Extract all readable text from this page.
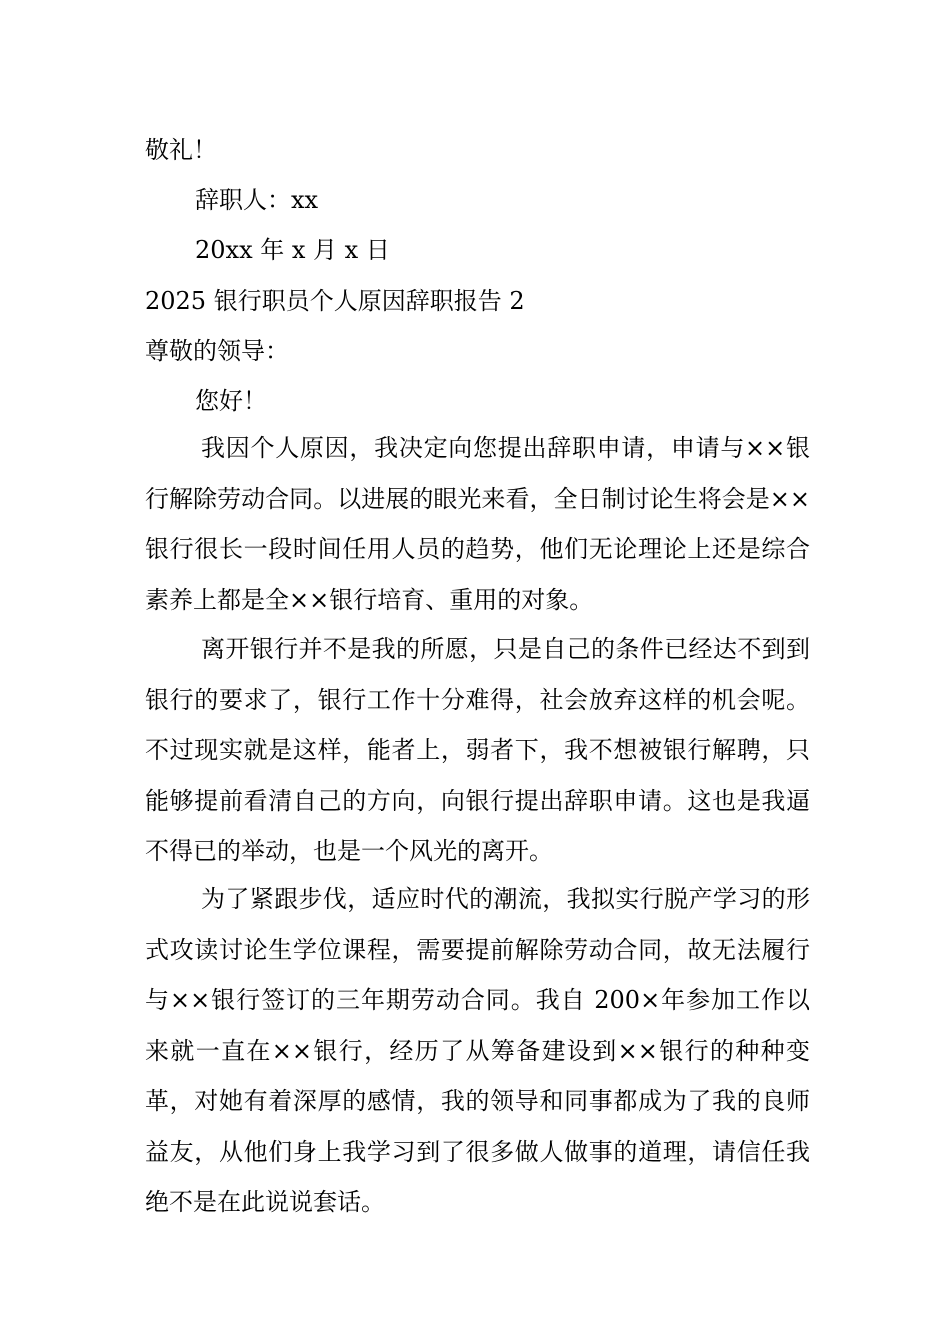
敬礼！
辞职人：xx
20xx 年 x 月 x 日
2025 银行职员个人原因辞职报告 2
尊敬的领导：
您好！
我因个人原因，我决定向您提出辞职申请，申请与××银行解除劳动合同。以进展的眼光来看，全日制讨论生将会是××银行很长一段时间任用人员的趋势，他们无论理论上还是综合素养上都是全××银行培育、重用的对象。
离开银行并不是我的所愿，只是自己的条件已经达不到到银行的要求了，银行工作十分难得，社会放弃这样的机会呢。不过现实就是这样，能者上，弱者下，我不想被银行解聘，只能够提前看清自己的方向，向银行提出辞职申请。这也是我逼不得已的举动，也是一个风光的离开。
为了紧跟步伐，适应时代的潮流，我拟实行脱产学习的形式攻读讨论生学位课程，需要提前解除劳动合同，故无法履行与××银行签订的三年期劳动合同。我自 200×年参加工作以来就一直在××银行，经历了从筹备建设到××银行的种种变革，对她有着深厚的感情，我的领导和同事都成为了我的良师益友，从他们身上我学习到了很多做人做事的道理，请信任我绝不是在此说说套话。
